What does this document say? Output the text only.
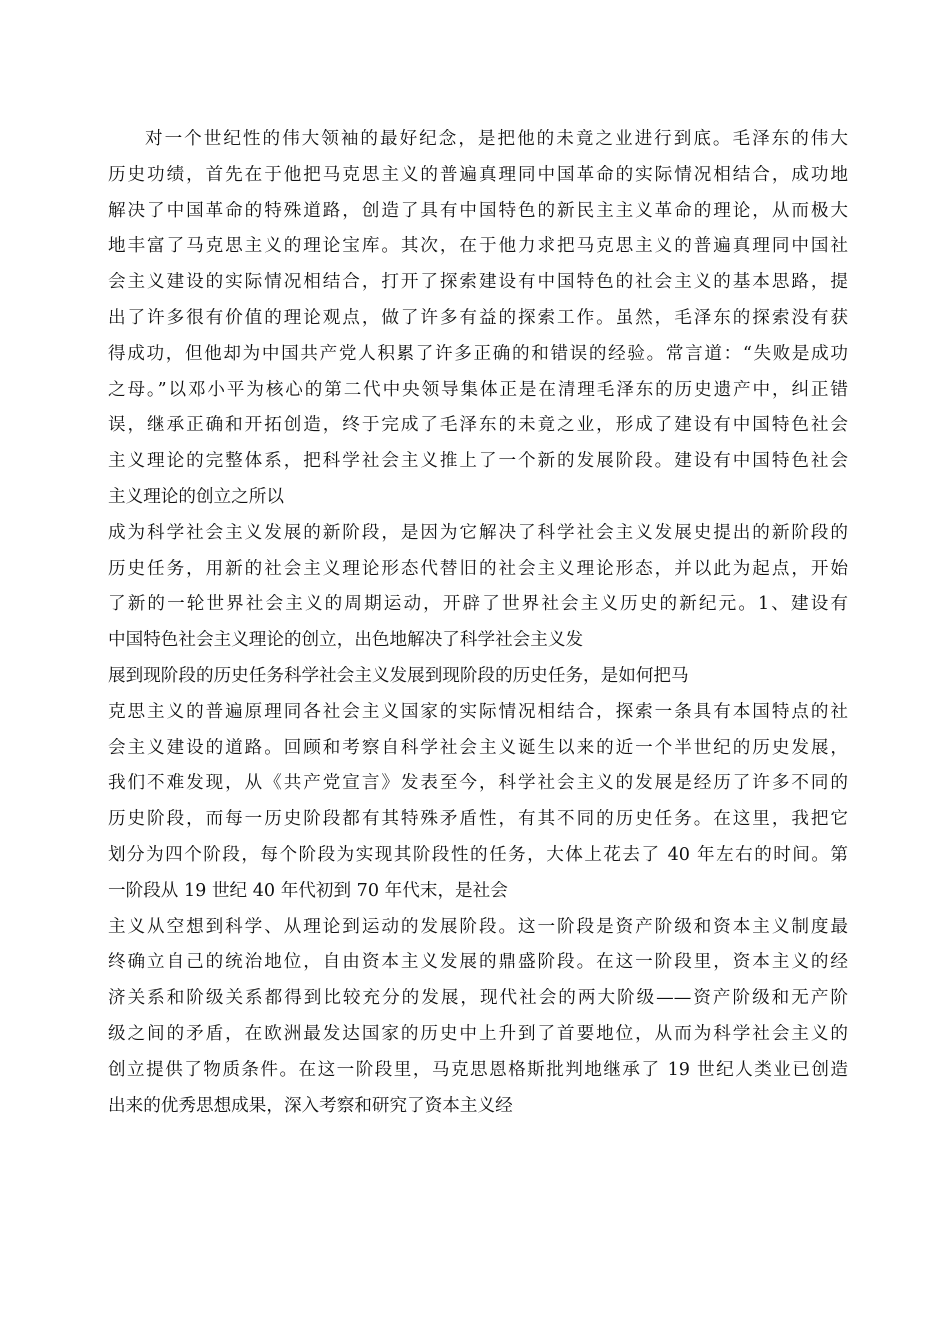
对一个世纪性的伟大领袖的最好纪念，是把他的未竟之业进行到底。毛泽东的伟大
历史功绩，首先在于他把马克思主义的普遍真理同中国革命的实际情况相结合，成功地
解决了中国革命的特殊道路，创造了具有中国特色的新民主主义革命的理论，从而极大
地丰富了马克思主义的理论宝库。其次，在于他力求把马克思主义的普遍真理同中国社
会主义建设的实际情况相结合，打开了探索建设有中国特色的社会主义的基本思路，提
出了许多很有价值的理论观点，做了许多有益的探索工作。虽然，毛泽东的探索没有获
得成功，但他却为中国共产党人积累了许多正确的和错误的经验。常言道：“失败是成功
之母。”以邓小平为核心的第二代中央领导集体正是在清理毛泽东的历史遗产中，纠正错
误，继承正确和开拓创造，终于完成了毛泽东的未竟之业，形成了建设有中国特色社会
主义理论的完整体系，把科学社会主义推上了一个新的发展阶段。建设有中国特色社会
主义理论的创立之所以
成为科学社会主义发展的新阶段，是因为它解决了科学社会主义发展史提出的新阶段的
历史任务，用新的社会主义理论形态代替旧的社会主义理论形态，并以此为起点，开始
了新的一轮世界社会主义的周期运动，开辟了世界社会主义历史的新纪元。1、建设有
中国特色社会主义理论的创立，出色地解决了科学社会主义发
展到现阶段的历史任务科学社会主义发展到现阶段的历史任务，是如何把马
克思主义的普遍原理同各社会主义国家的实际情况相结合，探索一条具有本国特点的社
会主义建设的道路。回顾和考察自科学社会主义诞生以来的近一个半世纪的历史发展，
我们不难发现，从《共产党宣言》发表至今，科学社会主义的发展是经历了许多不同的
历史阶段，而每一历史阶段都有其特殊矛盾性，有其不同的历史任务。在这里，我把它
划分为四个阶段，每个阶段为实现其阶段性的任务，大体上花去了 40 年左右的时间。第
一阶段从 19 世纪 40 年代初到 70 年代末，是社会
主义从空想到科学、从理论到运动的发展阶段。这一阶段是资产阶级和资本主义制度最
终确立自己的统治地位，自由资本主义发展的鼎盛阶段。在这一阶段里，资本主义的经
济关系和阶级关系都得到比较充分的发展，现代社会的两大阶级——资产阶级和无产阶
级之间的矛盾，在欧洲最发达国家的历史中上升到了首要地位，从而为科学社会主义的
创立提供了物质条件。在这一阶段里，马克思恩格斯批判地继承了 19 世纪人类业已创造
出来的优秀思想成果，深入考察和研究了资本主义经
